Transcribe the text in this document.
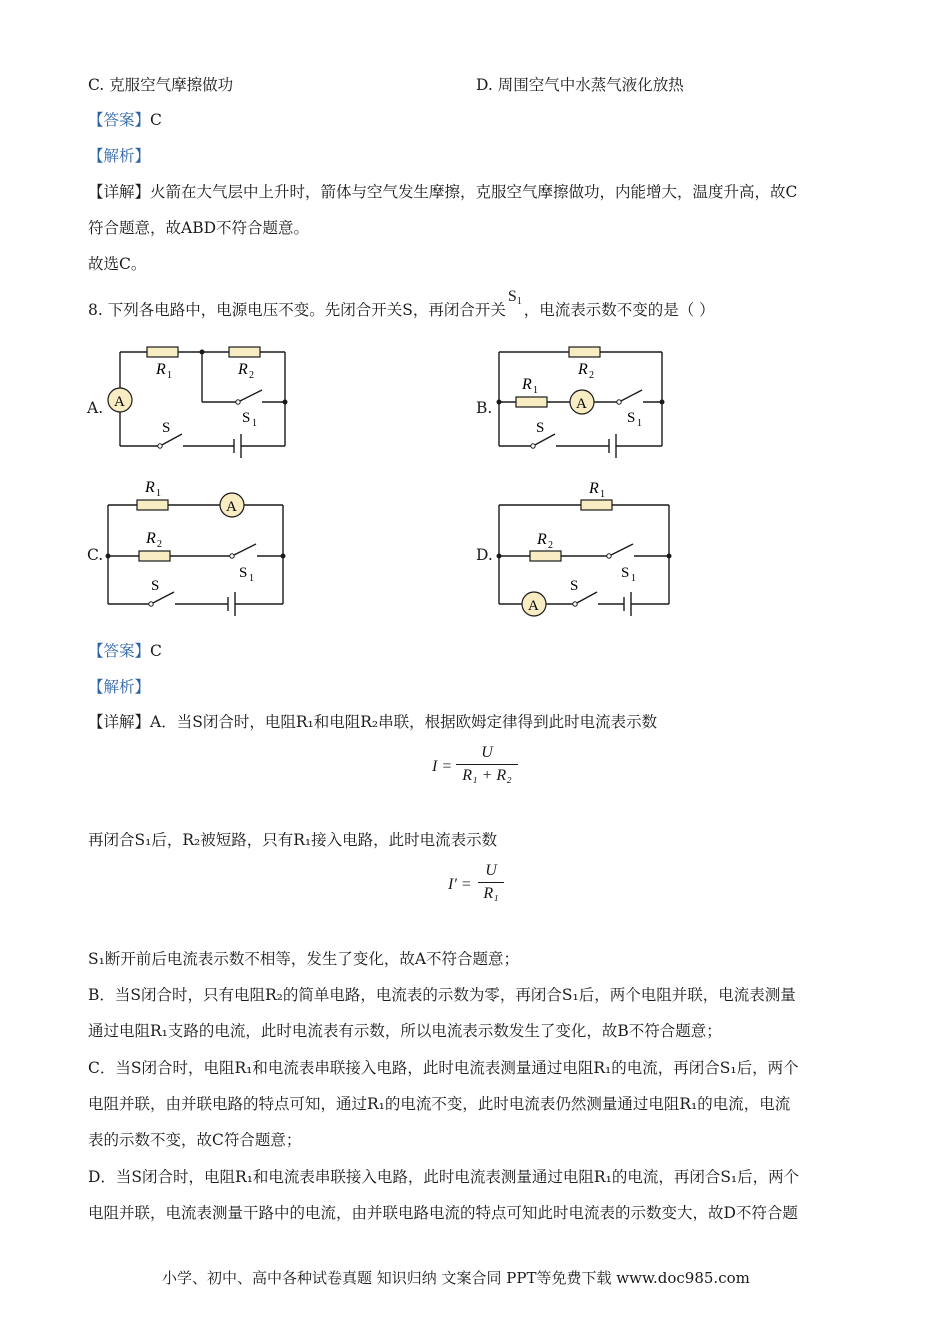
C. 克服空气摩擦做功	D. 周围空气中水蒸气液化放热
【答案】C
【解析】
【详解】火箭在大气层中上升时，箭体与空气发生摩擦，克服空气摩擦做功，内能增大，温度升高，故C
符合题意，故ABD不符合题意。
故选C。
8. 下列各电路中，电源电压不变。先闭合开关S，再闭合开关$S_1$ ，电流表示数不变的是（ ）
A. A
R 1	R 2
S
S 1
B.	A
R 2
R 1
S
S 1
C.
A
R 1
R 2
S
S 1
D.
A
R 1
R 2
S
S 1
【答案】C
【解析】
【详解】A．当S闭合时，电阻R₁和电阻R₂串联，根据欧姆定律得到此时电流表示数
I =
U
R₁ + R₂
再闭合S₁后，R₂被短路，只有R₁接入电路，此时电流表示数
I′ =
U
R₁
S₁断开前后电流表示数不相等，发生了变化，故A不符合题意；
B．当S闭合时，只有电阻R₂的简单电路，电流表的示数为零，再闭合S₁后，两个电阻并联，电流表测量
通过电阻R₁支路的电流，此时电流表有示数，所以电流表示数发生了变化，故B不符合题意；
C．当S闭合时，电阻R₁和电流表串联接入电路，此时电流表测量通过电阻R₁的电流，再闭合S₁后，两个
电阻并联，由并联电路的特点可知，通过R₁的电流不变，此时电流表仍然测量通过电阻R₁的电流，电流
表的示数不变，故C符合题意；
D．当S闭合时，电阻R₁和电流表串联接入电路，此时电流表测量通过电阻R₁的电流，再闭合S₁后，两个
电阻并联，电流表测量干路中的电流，由并联电路电流的特点可知此时电流表的示数变大，故D不符合题
小学、初中、高中各种试卷真题 知识归纳 文案合同 PPT等免费下载 www.doc985.com
